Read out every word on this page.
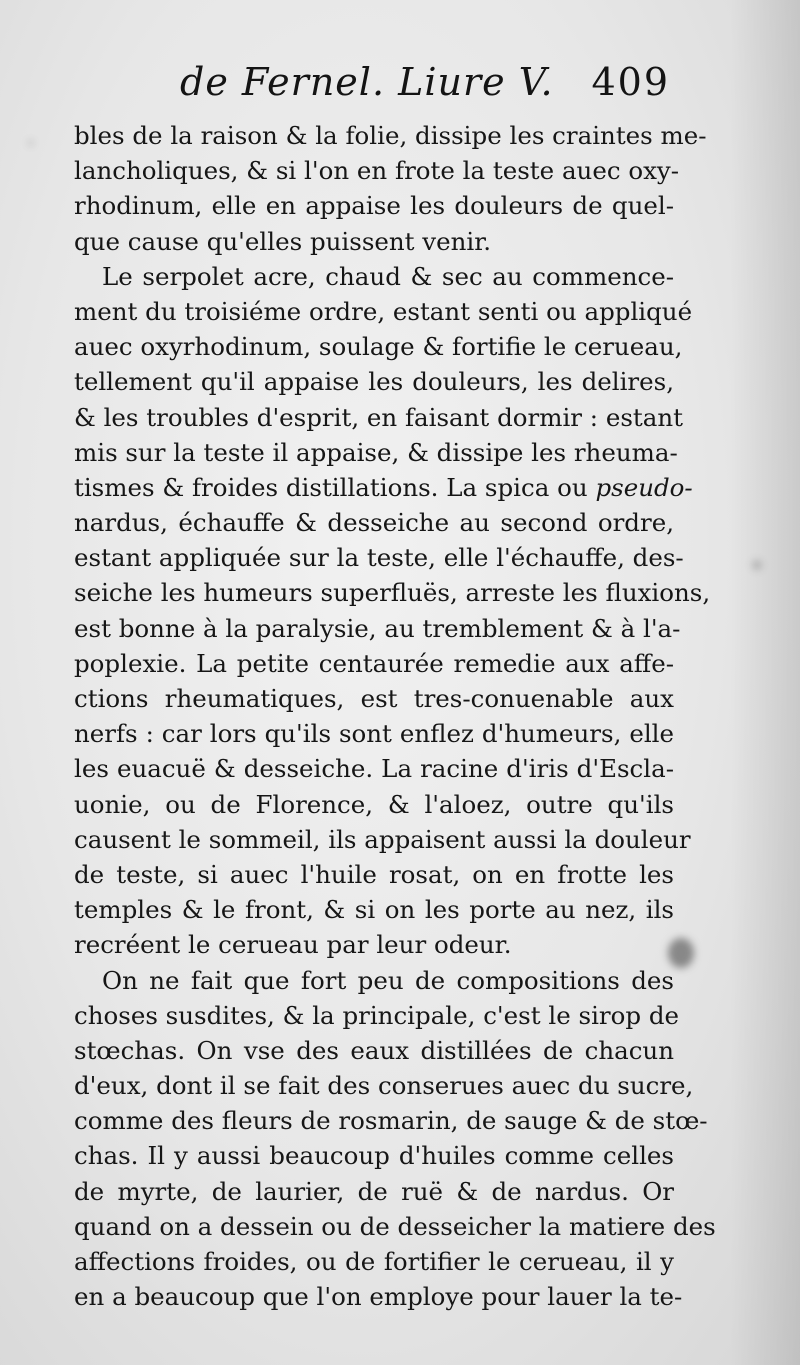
de Fernel. Liure V. 409
bles de la raison & la folie, dissipe les craintes me-
lancholiques, & si l'on en frote la teste auec oxy-
rhodinum, elle en appaise les douleurs de quel-
que cause qu'elles puissent venir.
Le serpolet acre, chaud & sec au commence-
ment du troisiéme ordre, estant senti ou appliqué
auec oxyrhodinum, soulage & fortifie le cerueau,
tellement qu'il appaise les douleurs, les delires,
& les troubles d'esprit, en faisant dormir : estant
mis sur la teste il appaise, & dissipe les rheuma-
tismes & froides distillations. La spica ou pseudo-
nardus, échauffe & desseiche au second ordre,
estant appliquée sur la teste, elle l'échauffe, des-
seiche les humeurs superfluës, arreste les fluxions,
est bonne à la paralysie, au tremblement & à l'a-
poplexie. La petite centaurée remedie aux affe-
ctions rheumatiques, est tres-conuenable aux
nerfs : car lors qu'ils sont enflez d'humeurs, elle
les euacuë & desseiche. La racine d'iris d'Escla-
uonie, ou de Florence, & l'aloez, outre qu'ils
causent le sommeil, ils appaisent aussi la douleur
de teste, si auec l'huile rosat, on en frotte les
temples & le front, & si on les porte au nez, ils
recréent le cerueau par leur odeur.
On ne fait que fort peu de compositions des
choses susdites, & la principale, c'est le sirop de
stœchas. On vse des eaux distillées de chacun
d'eux, dont il se fait des conserues auec du sucre,
comme des fleurs de rosmarin, de sauge & de stœ-
chas. Il y aussi beaucoup d'huiles comme celles
de myrte, de laurier, de ruë & de nardus. Or
quand on a dessein ou de desseicher la matiere des
affections froides, ou de fortifier le cerueau, il y
en a beaucoup que l'on employe pour lauer la te-
